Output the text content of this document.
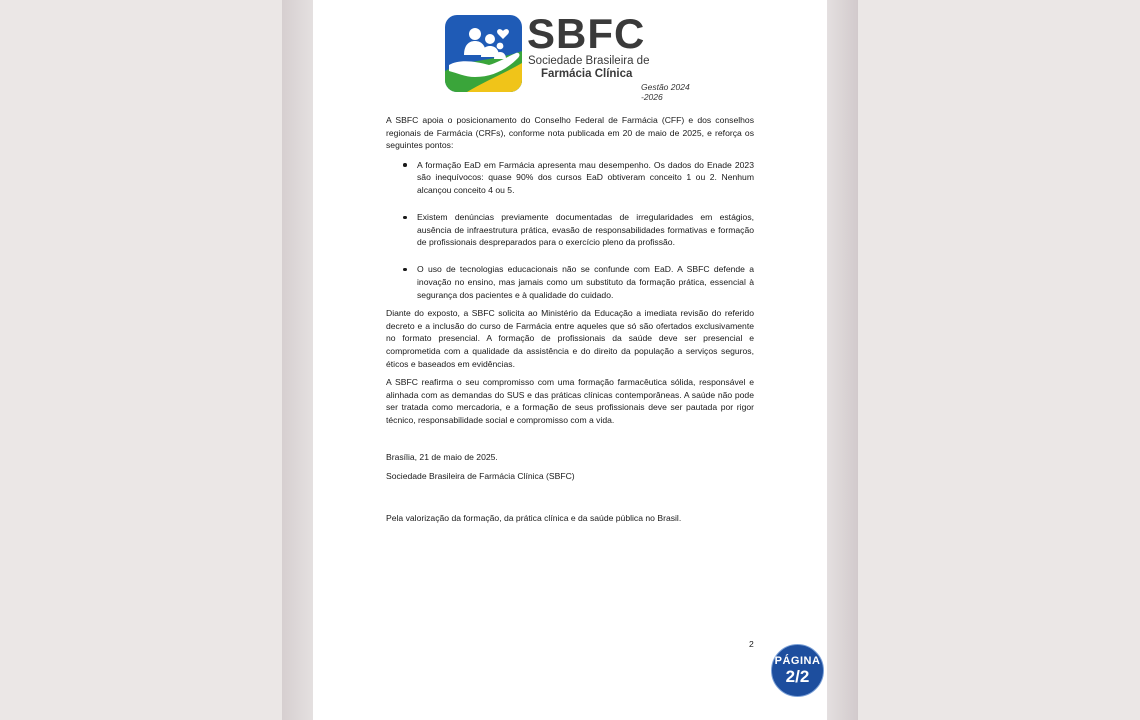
SBFC
Sociedade Brasileira de
Farmácia Clínica
Gestão 2024 -2026

A SBFC apoia o posicionamento do Conselho Federal de Farmácia (CFF) e dos conselhos regionais de Farmácia (CRFs), conforme nota publicada em 20 de maio de 2025, e reforça os seguintes pontos:

A formação EaD em Farmácia apresenta mau desempenho. Os dados do Enade 2023 são inequívocos: quase 90% dos cursos EaD obtiveram conceito 1 ou 2. Nenhum alcançou conceito 4 ou 5.
Existem denúncias previamente documentadas de irregularidades em estágios, ausência de infraestrutura prática, evasão de responsabilidades formativas e formação de profissionais despreparados para o exercício pleno da profissão.
O uso de tecnologias educacionais não se confunde com EaD. A SBFC defende a inovação no ensino, mas jamais como um substituto da formação prática, essencial à segurança dos pacientes e à qualidade do cuidado.

Diante do exposto, a SBFC solicita ao Ministério da Educação a imediata revisão do referido decreto e a inclusão do curso de Farmácia entre aqueles que só são ofertados exclusivamente no formato presencial. A formação de profissionais da saúde deve ser presencial e comprometida com a qualidade da assistência e do direito da população a serviços seguros, éticos e baseados em evidências.

A SBFC reafirma o seu compromisso com uma formação farmacêutica sólida, responsável e alinhada com as demandas do SUS e das práticas clínicas contemporâneas. A saúde não pode ser tratada como mercadoria, e a formação de seus profissionais deve ser pautada por rigor técnico, responsabilidade social e compromisso com a vida.

Brasília, 21 de maio de 2025.

Sociedade Brasileira de Farmácia Clínica (SBFC)

Pela valorização da formação, da prática clínica e da saúde pública no Brasil.

2
PÁGINA
2/2
